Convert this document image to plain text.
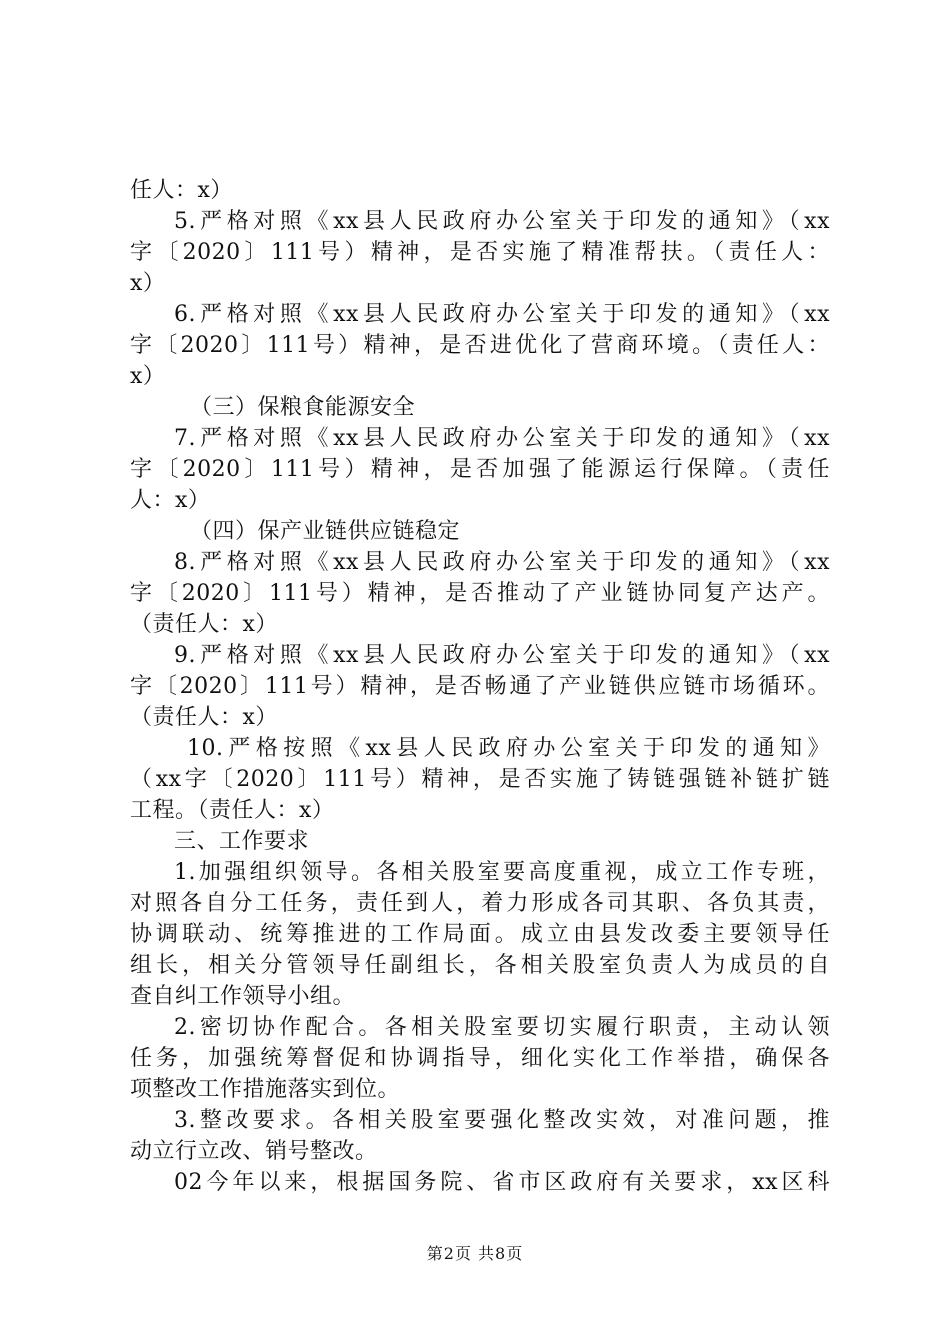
任人：x）
5.严格对照《xx县人民政府办公室关于印发的通知》（xx
字〔2020〕111号）精神，是否实施了精准帮扶。（责任人：
x）
6.严格对照《xx县人民政府办公室关于印发的通知》（xx
字〔2020〕111号）精神，是否进优化了营商环境。（责任人：
x）
（三）保粮食能源安全
7.严格对照《xx县人民政府办公室关于印发的通知》（xx
字〔2020〕111号）精神，是否加强了能源运行保障。（责任
人：x）
（四）保产业链供应链稳定
8.严格对照《xx县人民政府办公室关于印发的通知》（xx
字〔2020〕111号）精神，是否推动了产业链协同复产达产。
（责任人：x）
9.严格对照《xx县人民政府办公室关于印发的通知》（xx
字〔2020〕111号）精神，是否畅通了产业链供应链市场循环。
（责任人：x）
10.严格按照《xx县人民政府办公室关于印发的通知》
（xx字〔2020〕111号）精神，是否实施了铸链强链补链扩链
工程。（责任人：x）
三、工作要求
1.加强组织领导。各相关股室要高度重视，成立工作专班，
对照各自分工任务，责任到人，着力形成各司其职、各负其责，
协调联动、统筹推进的工作局面。成立由县发改委主要领导任
组长，相关分管领导任副组长，各相关股室负责人为成员的自
查自纠工作领导小组。
2.密切协作配合。各相关股室要切实履行职责，主动认领
任务，加强统筹督促和协调指导，细化实化工作举措，确保各
项整改工作措施落实到位。
3.整改要求。各相关股室要强化整改实效，对准问题，推
动立行立改、销号整改。
02今年以来，根据国务院、省市区政府有关要求，xx区科
第2页 共8页
